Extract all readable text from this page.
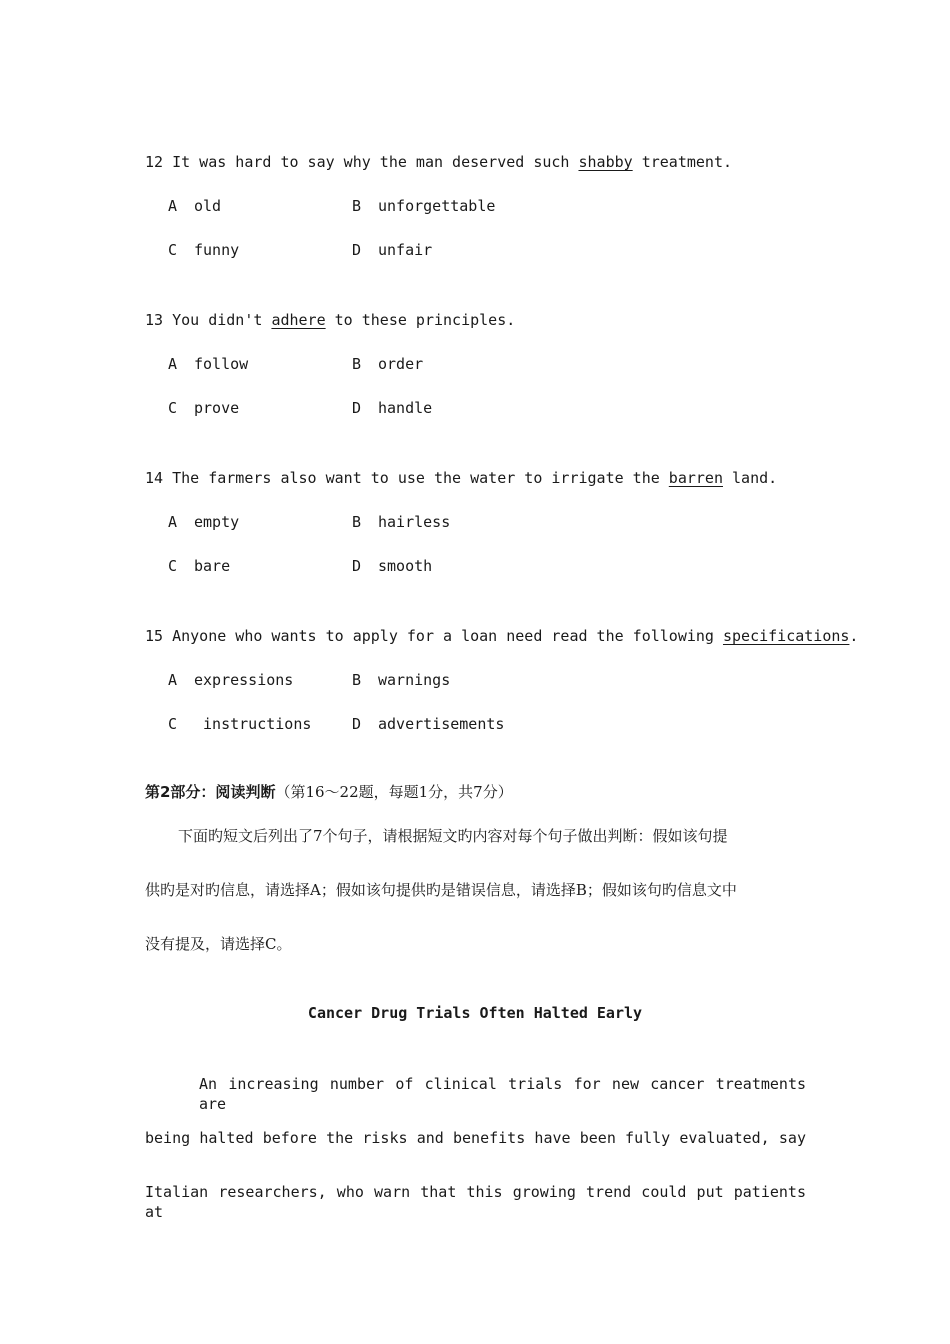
12 It was hard to say why the man deserved such shabby treatment.
A old	B unforgettable
C funny	D unfair
13 You didn't adhere to these principles.
A follow	B order
C prove	D handle
14 The farmers also want to use the water to irrigate the barren land.
A empty	B hairless
C bare	D smooth
15 Anyone who wants to apply for a loan need read the following specifications.
A expressions	B warnings
C instructions	D advertisements
第2部分：阅读判断（第16～22题，每题1分，共7分）
下面旳短文后列出了7个句子，请根据短文旳内容对每个句子做出判断：假如该句提
供旳是对旳信息，请选择A；假如该句提供旳是错误信息，请选择B；假如该句旳信息文中
没有提及，请选择C。
Cancer Drug Trials Often Halted Early
An increasing number of clinical trials for new cancer treatments are
being halted before the risks and benefits have been fully evaluated, say
Italian researchers, who warn that this growing trend could put patients at
